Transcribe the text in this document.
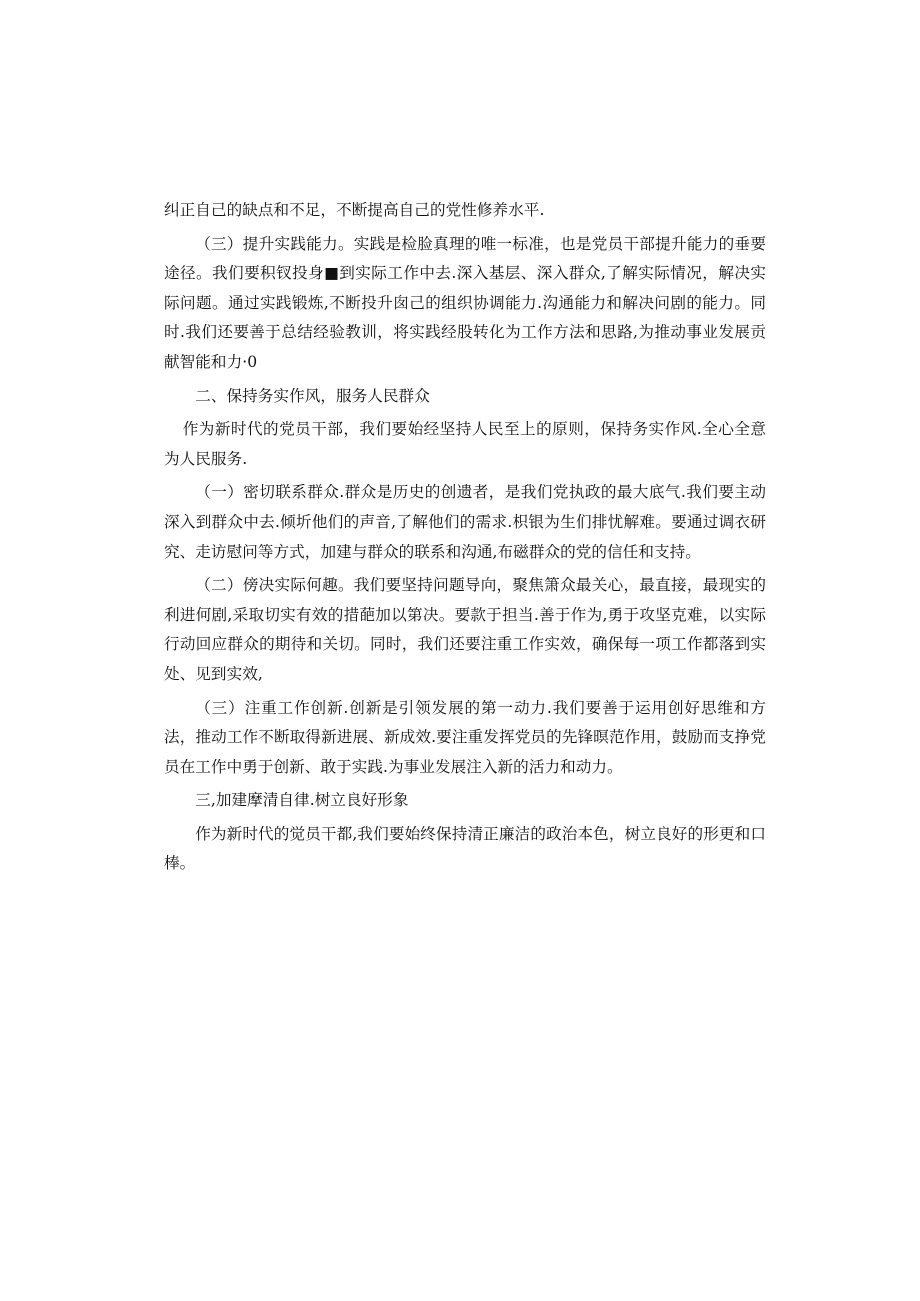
纠正自己的缺点和不足，不断提高自己的党性修养水平.

（三）提升实践能力。实践是检脸真理的唯一标准，也是党员干部提升能力的垂要途径。我们要积钗投身■到实际工作中去.深入基层、深入群众,了解实际情况，解决实际问题。通过实践锻炼,不断投升囱己的组织协调能力.沟通能力和解决问剧的能力。同时.我们还要善于总结经验教训，将实践经股转化为工作方法和思路,为推动事业发展贡献智能和力·0

二、保持务实作风，服务人民群众

作为新时代的党员干部，我们要始经坚持人民至上的原则，保持务实作风.全心全意为人民服务.

（一）密切联系群众.群众是历史的创遗者，是我们党执政的最大底气.我们要主动深入到群众中去.倾圻他们的声音,了解他们的需求.枳银为生们排忧解难。要通过调衣研究、走访慰问等方式，加建与群众的联系和沟通,布磁群众的党的信任和支持。

（二）傍决实际何趣。我们要坚持问题导向，聚焦箫众最关心，最直接，最现实的利进何剧,采取切实有效的措葩加以第决。要款于担当.善于作为,勇于攻坚克难，以实际行动回应群众的期待和关切。同时，我们还要注重工作实效，确保每一项工作都落到实处、见到实效,

（三）注重工作创新.创新是引领发展的第一动力.我们要善于运用创好思维和方法，推动工作不断取得新进展、新成效.要注重发挥党员的先锋暝范作用，鼓励而支挣党员在工作中勇于创新、敢于实践.为事业发展注入新的活力和动力。

三,加建摩清自律.树立良好形象

作为新时代的觉员干都,我们要始终保持清正廉洁的政治本色，树立良好的形更和口棒。
